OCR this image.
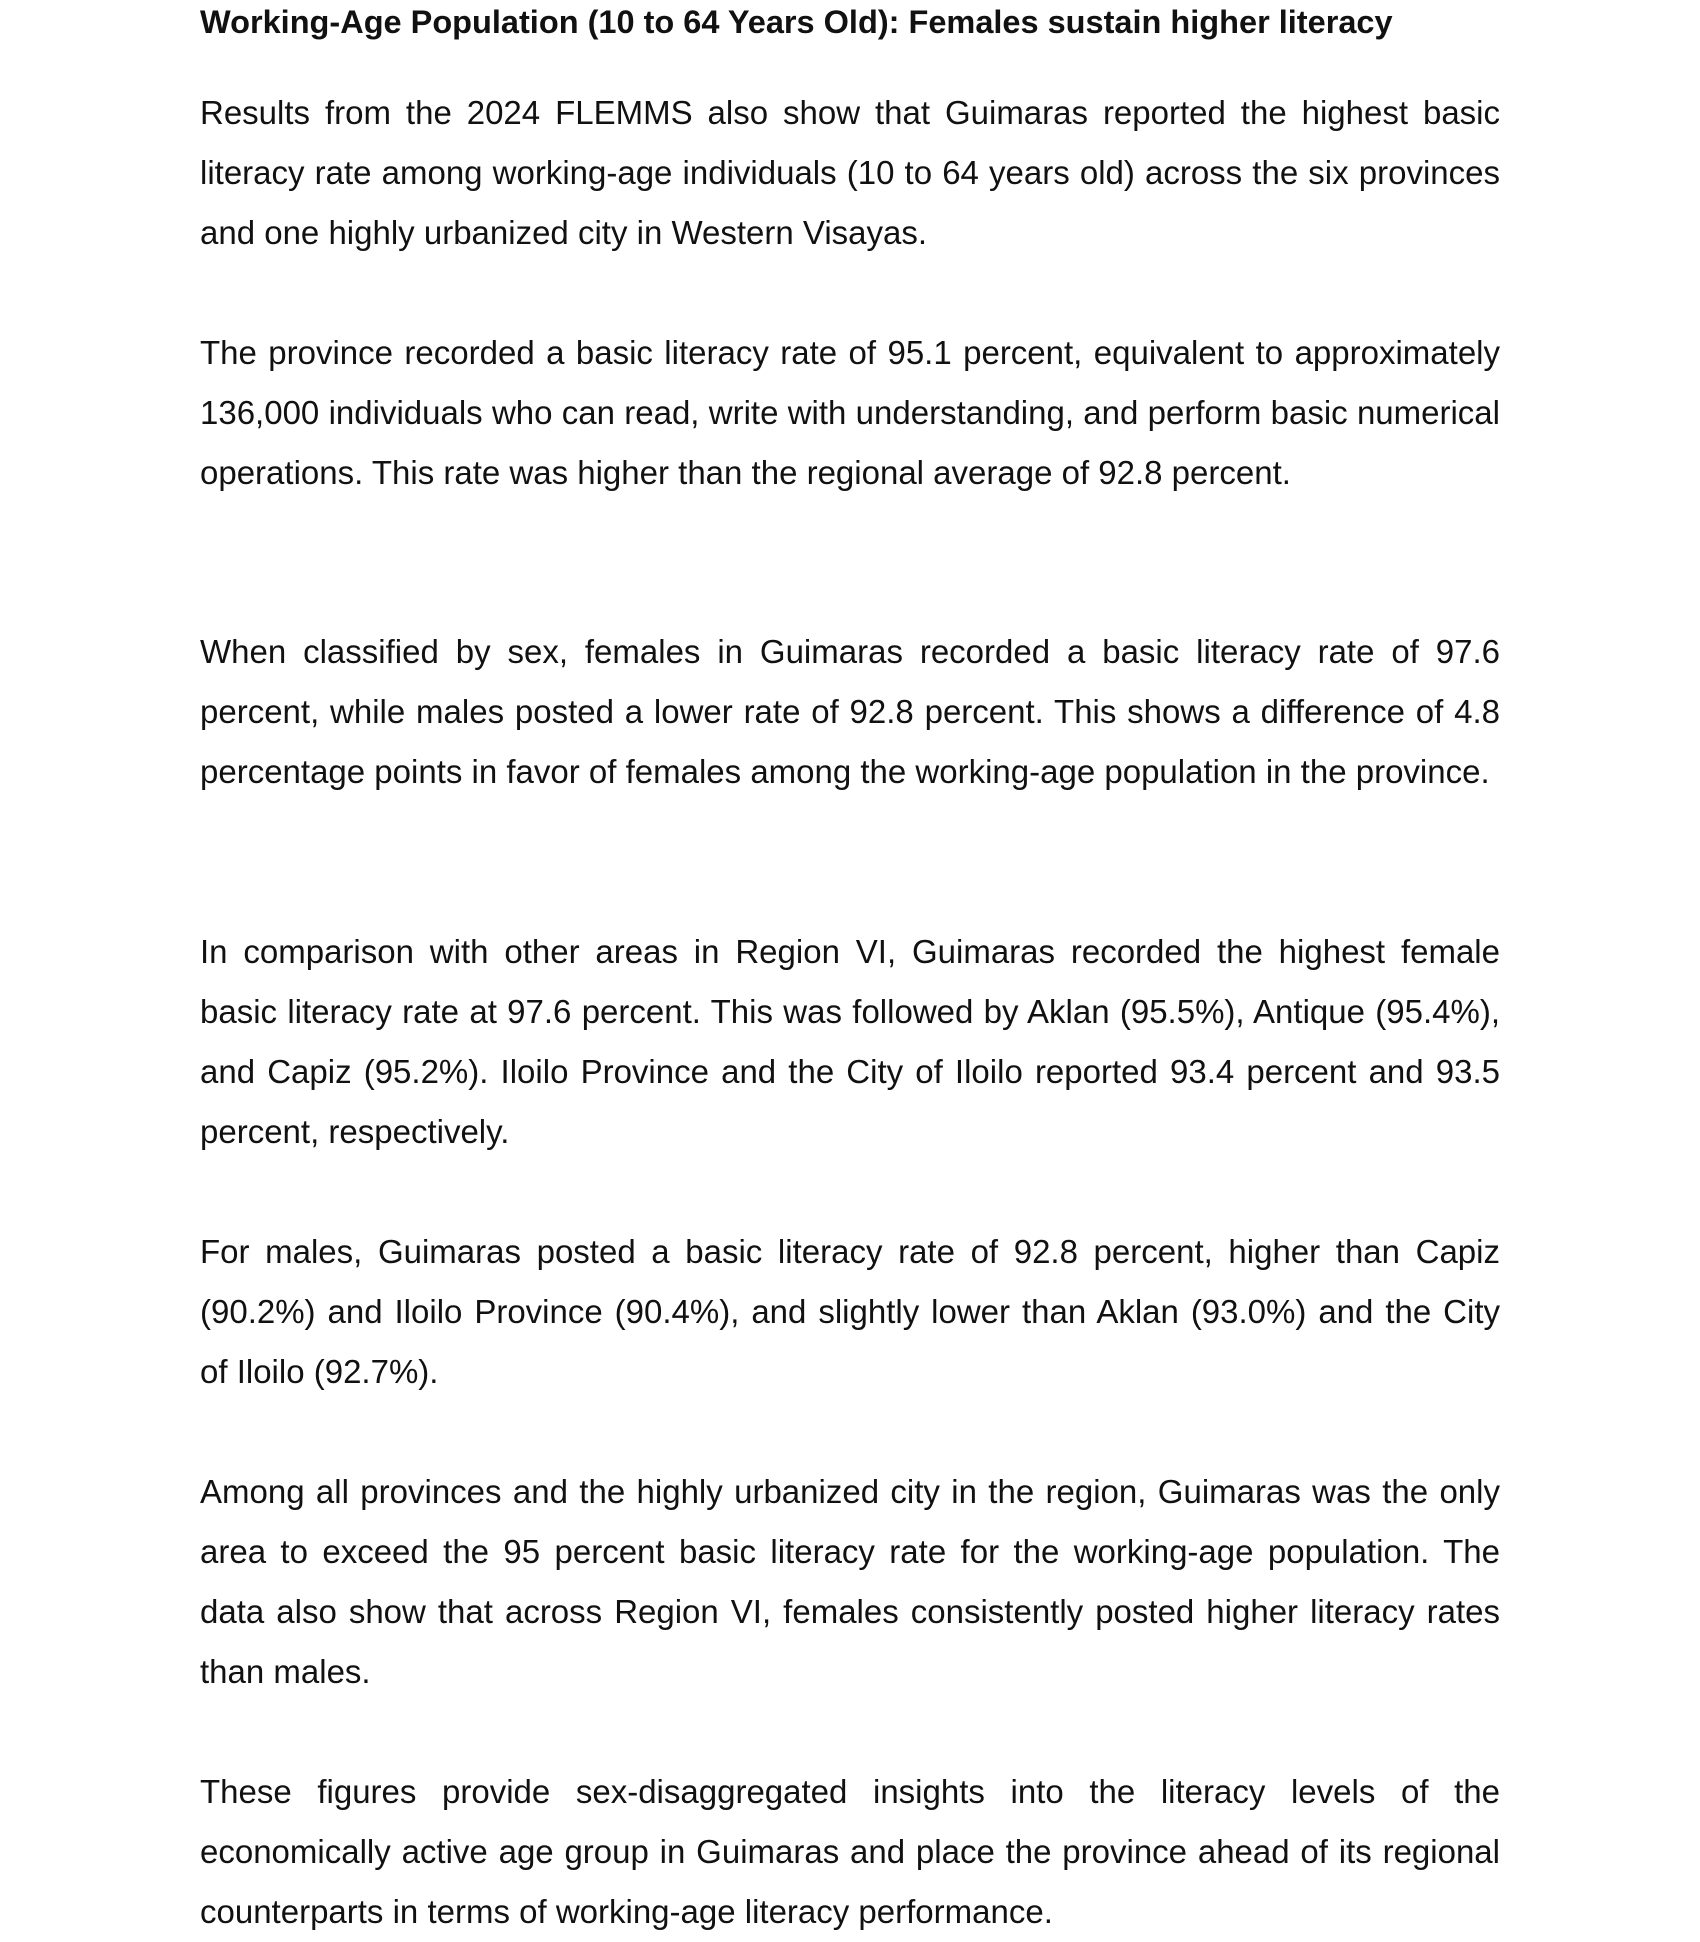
Working-Age Population (10 to 64 Years Old): Females sustain higher literacy

Results from the 2024 FLEMMS also show that Guimaras reported the highest basic literacy rate among working-age individuals (10 to 64 years old) across the six provinces and one highly urbanized city in Western Visayas.

The province recorded a basic literacy rate of 95.1 percent, equivalent to approximately 136,000 individuals who can read, write with understanding, and perform basic numerical operations. This rate was higher than the regional average of 92.8 percent.

When classified by sex, females in Guimaras recorded a basic literacy rate of 97.6 percent, while males posted a lower rate of 92.8 percent. This shows a difference of 4.8 percentage points in favor of females among the working-age population in the province.

In comparison with other areas in Region VI, Guimaras recorded the highest female basic literacy rate at 97.6 percent. This was followed by Aklan (95.5%), Antique (95.4%), and Capiz (95.2%). Iloilo Province and the City of Iloilo reported 93.4 percent and 93.5 percent, respectively.

For males, Guimaras posted a basic literacy rate of 92.8 percent, higher than Capiz (90.2%) and Iloilo Province (90.4%), and slightly lower than Aklan (93.0%) and the City of Iloilo (92.7%).

Among all provinces and the highly urbanized city in the region, Guimaras was the only area to exceed the 95 percent basic literacy rate for the working-age population. The data also show that across Region VI, females consistently posted higher literacy rates than males.

These figures provide sex-disaggregated insights into the literacy levels of the economically active age group in Guimaras and place the province ahead of its regional counterparts in terms of working-age literacy performance.
